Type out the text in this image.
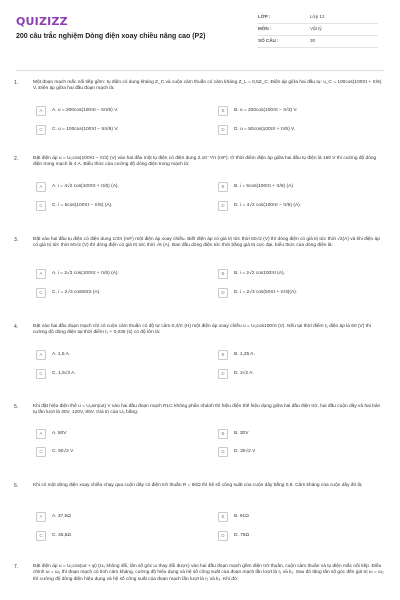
QUIZIZZ
200 câu trắc nghiệm Dòng điện xoay chiều nâng cao (P2)
LỚP :	Lớp 12
MÔN :	Vật lý
SỐ CÂU :	30
1.	Một đoạn mạch mắc nối tiếp gồm: tụ điện có dung kháng Z_C và cuộn cảm thuần có cảm kháng Z_L = 0,5Z_C. Điện áp giữa hai đầu tụ: u_C = 100cos(100πt + π/6) V. Điện áp giữa hai đầu đoạn mạch là:
A	A. u = 200cos(100πt − 5π/6) V.	B	B. u = 200cos(100πt − π/3) V.
C	C. u = 100cos(100πt − 5π/6) V.	D	D. u = 50cos(100πt + π/6) V.
2.	Đặt điện áp u = U₀cos(100πt − π/3) (V) vào hai đầu một tụ điện có điện dung 2.10⁻⁴/π (mF). Ở thời điểm điện áp giữa hai đầu tụ điện là 150 V thì cường độ dòng điện trong mạch là 4 A. Biểu thức của cường độ dòng điện trong mạch là:
A	A. i = 4√2 cos(100πt + π/6) (A).	B	B. i = 5cos(100πt + π/6) (A).
C	C. i = 5cos(100πt − π/6) (A).	D	D. i = 4√2 cos(100πt − π/6) (A).
3.	Đặt vào hai đầu tụ điện có điện dung 1/3π (mF) một điện áp xoay chiều. Biết điện áp có giá trị tức thời 60√2 (V) thì dòng điện có giá trị tức thời √2(A) và khi điện áp có giá trị tức thời 60√2 (V) thì dòng điện có giá trị tức thời √6 (A). Ban đầu dòng điện tức thời bằng giá trị cực đại, biểu thức của dòng điện là:
A	A. i = 2√3 cos(100πt + π/6) (A).	B	B. i = 2√2 cos100πt (A).
C	C. i = 2√3 cos50πt (A).	D	D. i = 2√3 cos(50πt + π/3)(A).
4.	Đặt vào hai đầu đoạn mạch chỉ có cuộn cảm thuần có độ tự cảm 0,4/π (H) một điện áp xoay chiều u = U₀cos100πt (V). Nếu tại thời điểm t₁ điện áp là 60 (V) thì cường độ dòng điện tại thời điểm t₁ + 0,035 (s) có độ lớn là:
A	A. 1,5 A.	B	B. 1,25 A.
C	C. 1,5√3 A.	D	D. 2√2 A.
5.	Khi đặt hiệu điện thế u = U₀sin(ωt) V vào hai đầu đoạn mạch RLC không phân nhánh thì hiệu điện thế hiệu dụng giữa hai đầu điện trở, hai đầu cuộn dây và hai bản tụ lần lượt là 30V, 120V, 80V. Giá trị của U₀ bằng:
A	A. 50V	B	B. 30V
C	C. 50√2 V	D	D. 30√2 V
6.	Khi có một dòng điện xoay chiều chạy qua cuộn dây có điện trở thuần R = 50Ω thì hệ số công suất của cuộn dây bằng 0,8. Cảm kháng của cuộn dây đó là:
A	A. 37,5Ω	B	B. 91Ω
C	C. 45,5Ω	D	D. 75Ω
7.	Đặt điện áp u = U₀cos(ωt + φ) (U₀ không đổi, tần số góc ω thay đổi được) vào hai đầu đoạn mạch gồm điện trở thuần, cuộn cảm thuần và tụ điện mắc nối tiếp. Điều chỉnh ω = ω₁ thì đoạn mạch có tính cảm kháng, cường độ hiệu dụng và hệ số công suất của đoạn mạch lần lượt là I₁ và k₁. Sau đó tăng tần số góc đến giá trị ω = ω₂ thì cường độ dòng điện hiệu dụng và hệ số công suất của đoạn mạch lần lượt là I₂ và k₂. Khi đó:
